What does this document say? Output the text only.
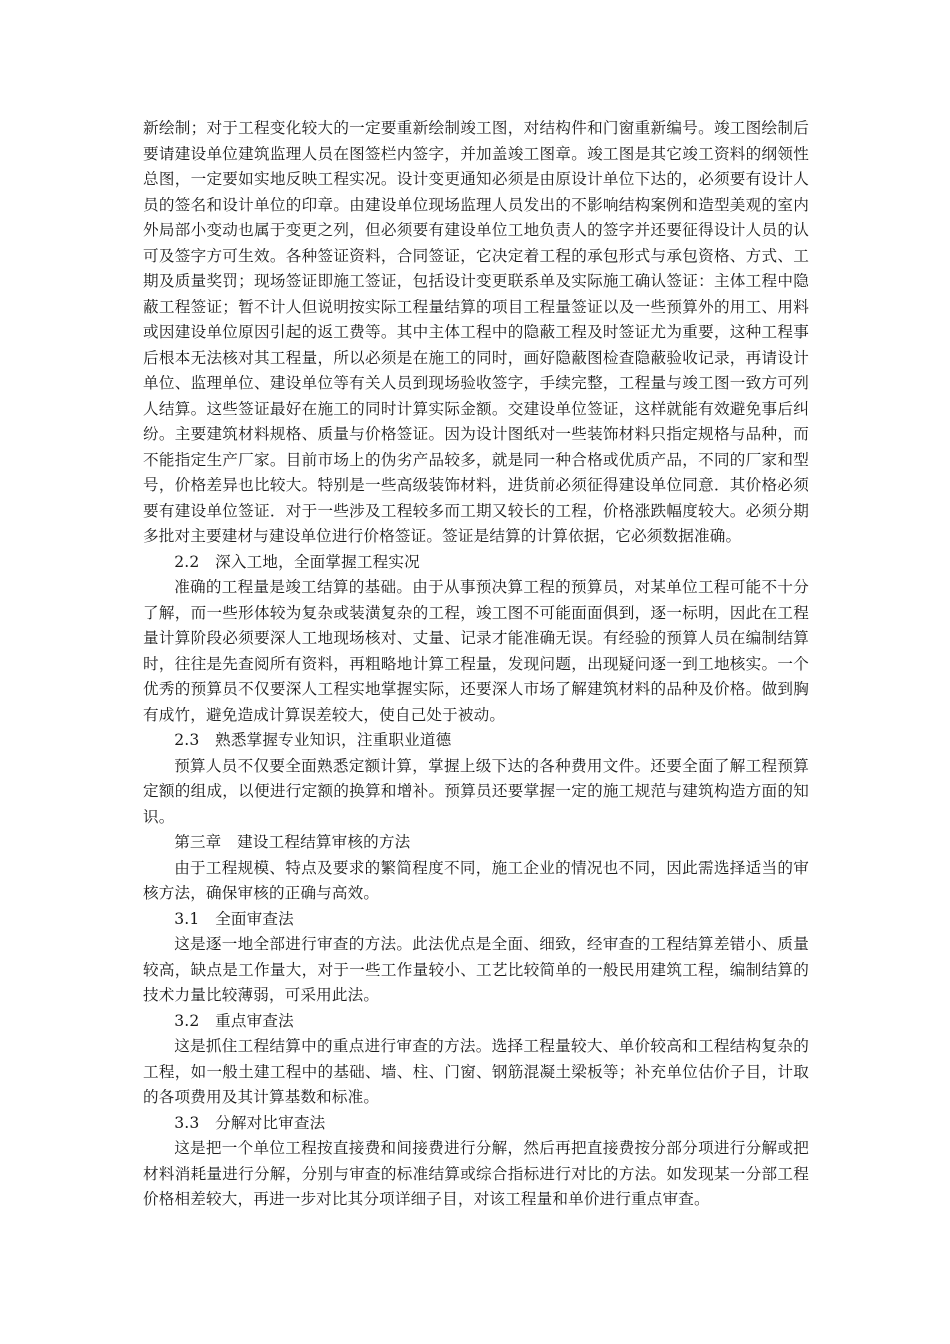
新绘制；对于工程变化较大的一定要重新绘制竣工图，对结构件和门窗重新编号。竣工图绘制后要请建设单位建筑监理人员在图签栏内签字，并加盖竣工图章。竣工图是其它竣工资料的纲领性总图，一定要如实地反映工程实况。设计变更通知必须是由原设计单位下达的，必须要有设计人员的签名和设计单位的印章。由建设单位现场监理人员发出的不影响结构案例和造型美观的室内外局部小变动也属于变更之列，但必须要有建设单位工地负责人的签字并还要征得设计人员的认可及签字方可生效。各种签证资料，合同签证，它决定着工程的承包形式与承包资格、方式、工期及质量奖罚；现场签证即施工签证，包括设计变更联系单及实际施工确认签证：主体工程中隐蔽工程签证；暂不计人但说明按实际工程量结算的项目工程量签证以及一些预算外的用工、用料或因建设单位原因引起的返工费等。其中主体工程中的隐蔽工程及时签证尤为重要，这种工程事后根本无法核对其工程量，所以必须是在施工的同时，画好隐蔽图检查隐蔽验收记录，再请设计单位、监理单位、建设单位等有关人员到现场验收签字，手续完整，工程量与竣工图一致方可列人结算。这些签证最好在施工的同时计算实际金额。交建设单位签证，这样就能有效避免事后纠纷。主要建筑材料规格、质量与价格签证。因为设计图纸对一些装饰材料只指定规格与品种，而不能指定生产厂家。目前市场上的伪劣产品较多，就是同一种合格或优质产品，不同的厂家和型号，价格差异也比较大。特别是一些高级装饰材料，进货前必须征得建设单位同意．其价格必须要有建设单位签证．对于一些涉及工程较多而工期又较长的工程，价格涨跌幅度较大。必须分期多批对主要建材与建设单位进行价格签证。签证是结算的计算依据，它必须数据准确。

2.2　深入工地，全面掌握工程实况

准确的工程量是竣工结算的基础。由于从事预决算工程的预算员，对某单位工程可能不十分了解，而一些形体较为复杂或装潢复杂的工程，竣工图不可能面面俱到，逐一标明，因此在工程量计算阶段必须要深人工地现场核对、丈量、记录才能准确无误。有经验的预算人员在编制结算时，往往是先查阅所有资料，再粗略地计算工程量，发现问题，出现疑问逐一到工地核实。一个优秀的预算员不仅要深人工程实地掌握实际，还要深人市场了解建筑材料的品种及价格。做到胸有成竹，避免造成计算误差较大，使自己处于被动。

2.3　熟悉掌握专业知识，注重职业道德

预算人员不仅要全面熟悉定额计算，掌握上级下达的各种费用文件。还要全面了解工程预算定额的组成，以便进行定额的换算和增补。预算员还要掌握一定的施工规范与建筑构造方面的知识。

第三章　建设工程结算审核的方法

由于工程规模、特点及要求的繁简程度不同，施工企业的情况也不同，因此需选择适当的审核方法，确保审核的正确与高效。

3.1　全面审查法

这是逐一地全部进行审查的方法。此法优点是全面、细致，经审查的工程结算差错小、质量较高，缺点是工作量大，对于一些工作量较小、工艺比较简单的一般民用建筑工程，编制结算的技术力量比较薄弱，可采用此法。

3.2　重点审查法

这是抓住工程结算中的重点进行审查的方法。选择工程量较大、单价较高和工程结构复杂的工程，如一般土建工程中的基础、墙、柱、门窗、钢筋混凝土梁板等；补充单位估价子目，计取的各项费用及其计算基数和标准。

3.3　分解对比审查法

这是把一个单位工程按直接费和间接费进行分解，然后再把直接费按分部分项进行分解或把材料消耗量进行分解，分别与审查的标准结算或综合指标进行对比的方法。如发现某一分部工程价格相差较大，再进一步对比其分项详细子目，对该工程量和单价进行重点审查。
